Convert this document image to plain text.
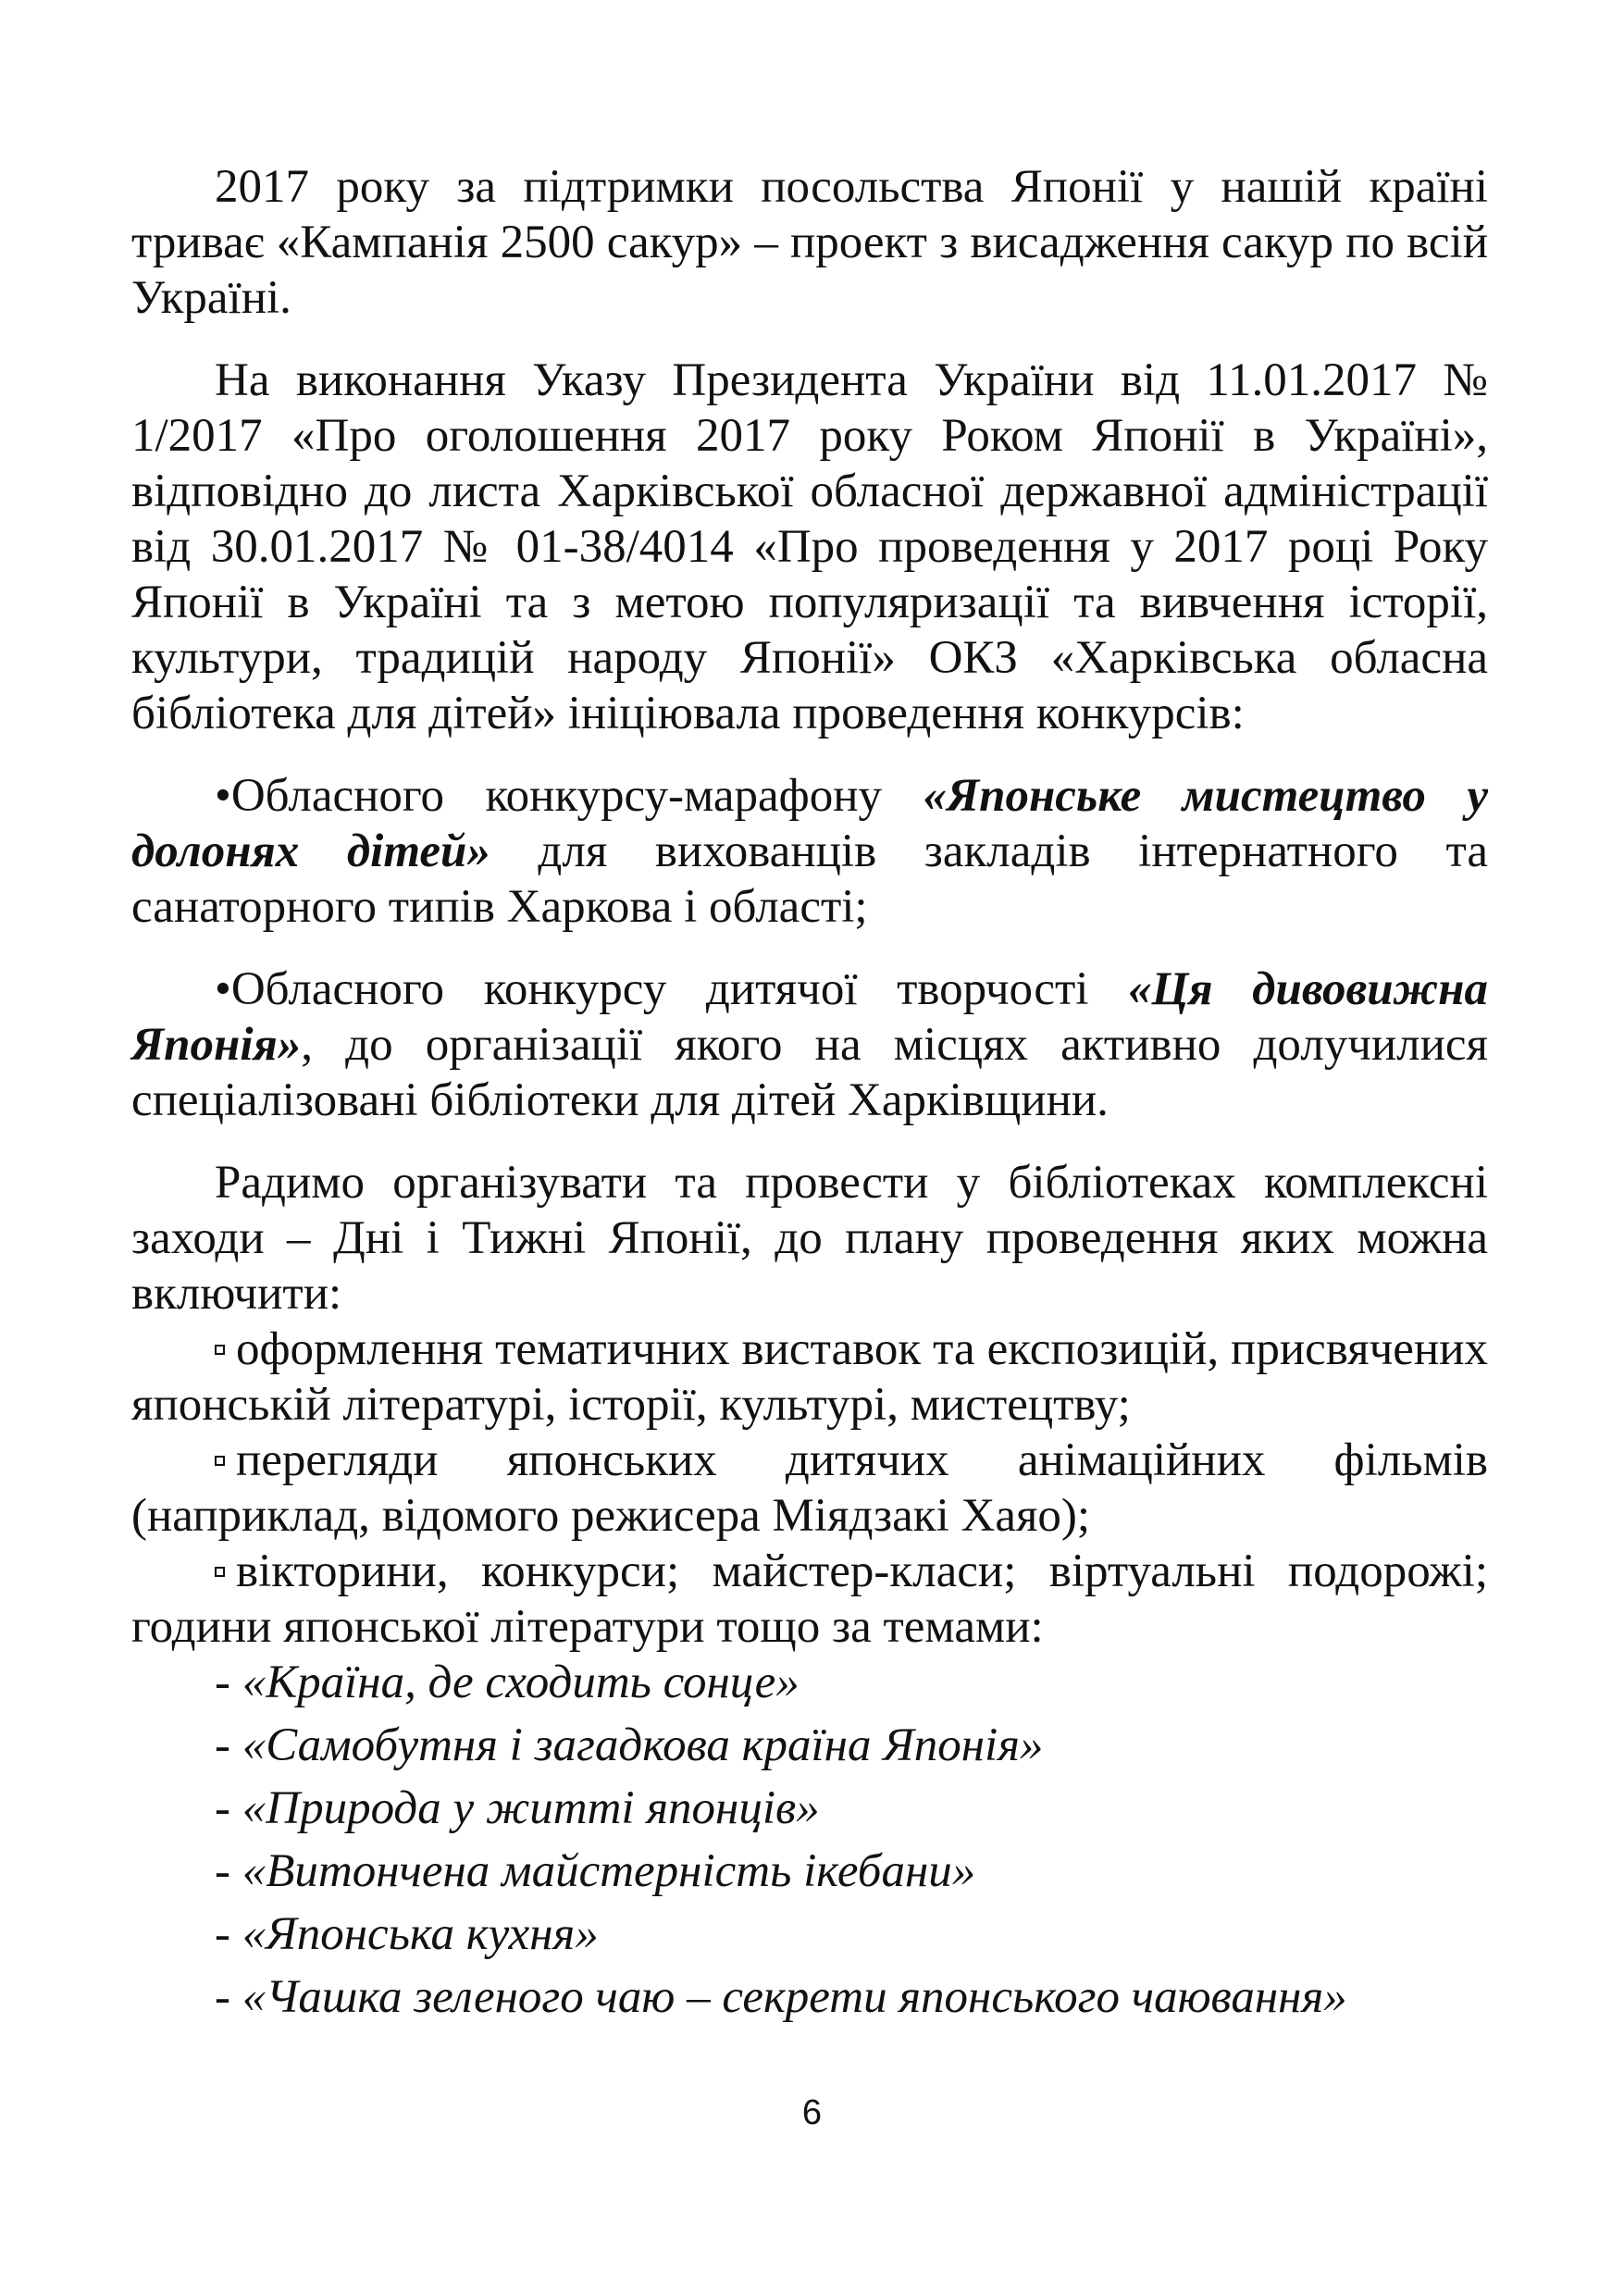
2017 року за підтримки посольства Японії у нашій країні триває «Кампанія 2500 сакур» – проект з висадження сакур по всій Україні.

На виконання Указу Президента України від 11.01.2017 № 1/2017 «Про оголошення 2017 року Роком Японії в Україні», відповідно до листа Харківської обласної державної адміністрації від 30.01.2017 № 01-38/4014 «Про проведення у 2017 році Року Японії в Україні та з метою популяризації та вивчення історії, культури, традицій народу Японії» ОКЗ «Харківська обласна бібліотека для дітей» ініціювала проведення конкурсів:

•Обласного конкурсу-марафону «Японське мистецтво у долонях дітей» для вихованців закладів інтернатного та санаторного типів Харкова і області;

•Обласного конкурсу дитячої творчості «Ця дивовижна Японія», до організації якого на місцях активно долучилися спеціалізовані бібліотеки для дітей Харківщини.

Радимо організувати та провести у бібліотеках комплексні заходи – Дні і Тижні Японії, до плану проведення яких можна включити:

оформлення тематичних виставок та експозицій, присвячених японській літературі, історії, культурі, мистецтву;
перегляди японських дитячих анімаційних фільмів (наприклад, відомого режисера Міядзакі Хаяо);
вікторини, конкурси; майстер-класи; віртуальні подорожі; години японської літератури тощо за темами:
- «Країна, де сходить сонце»
- «Самобутня і загадкова країна Японія»
- «Природа у житті японців»
- «Витончена майстерність ікебани»
- «Японська кухня»
- «Чашка зеленого чаю – секрети японського чаювання»
6
